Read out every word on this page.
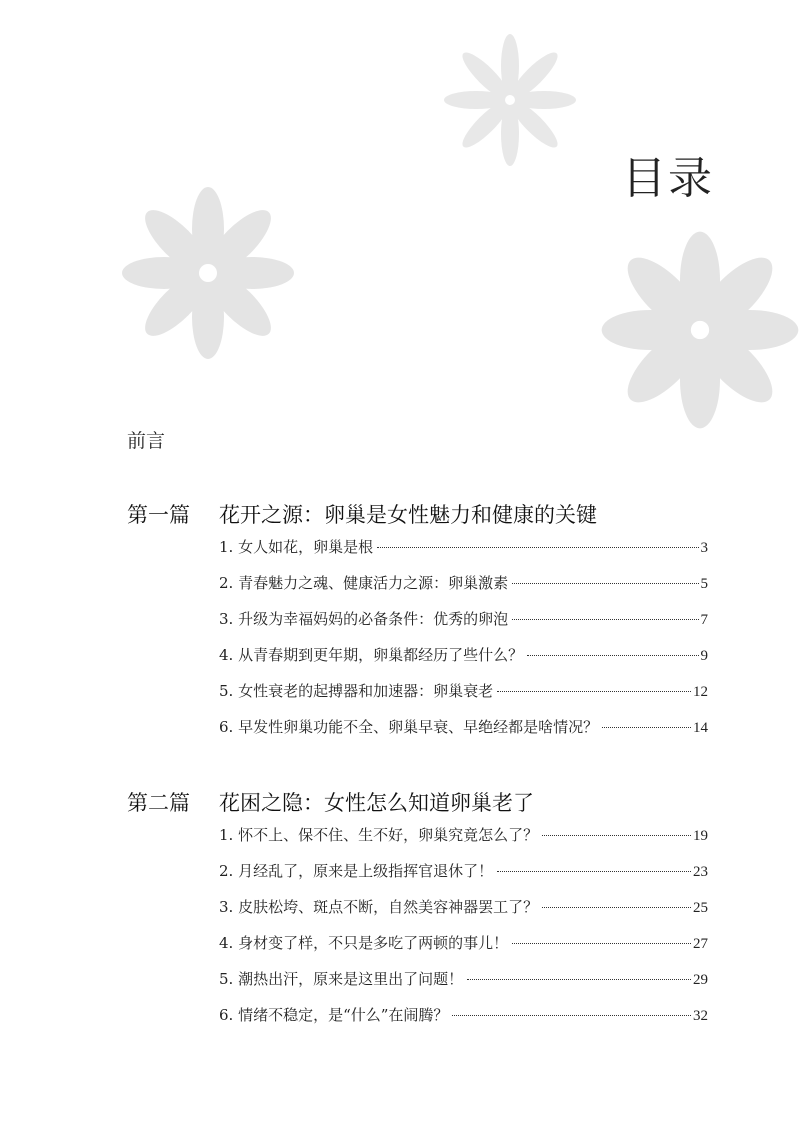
目录
前言
第一篇 花开之源：卵巢是女性魅力和健康的关键
1. 女人如花，卵巢是根	3
2. 青春魅力之魂、健康活力之源：卵巢激素	5
3. 升级为幸福妈妈的必备条件：优秀的卵泡	7
4. 从青春期到更年期，卵巢都经历了些什么？	9
5. 女性衰老的起搏器和加速器：卵巢衰老	12
6. 早发性卵巢功能不全、卵巢早衰、早绝经都是啥情况？	14
第二篇 花困之隐：女性怎么知道卵巢老了
1. 怀不上、保不住、生不好，卵巢究竟怎么了？	19
2. 月经乱了，原来是上级指挥官退休了！	23
3. 皮肤松垮、斑点不断，自然美容神器罢工了？	25
4. 身材变了样，不只是多吃了两顿的事儿！	27
5. 潮热出汗，原来是这里出了问题！	29
6. 情绪不稳定，是“什么”在闹腾？	32
